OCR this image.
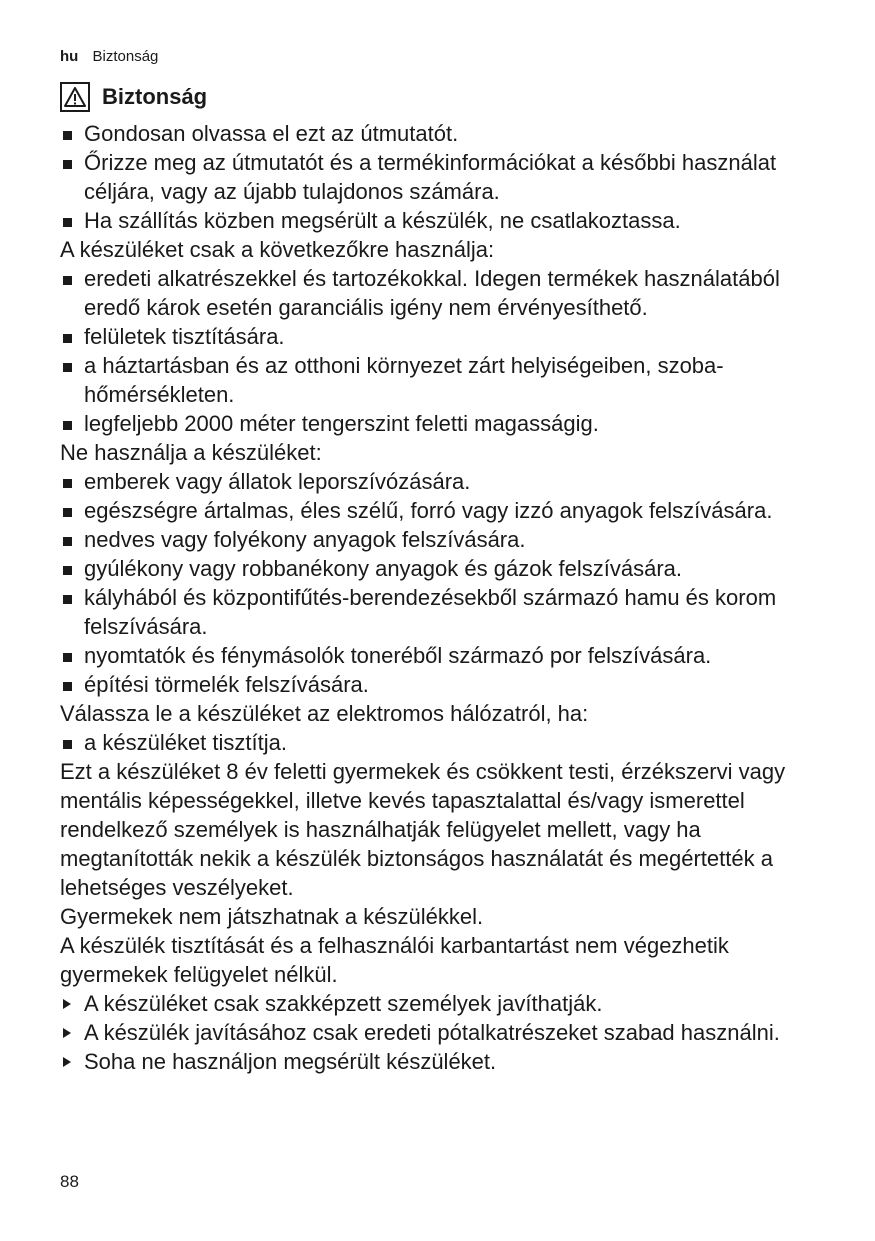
hu Biztonság
Biztonság
Gondosan olvassa el ezt az útmutatót.
Őrizze meg az útmutatót és a termékinformációkat a későbbi használat céljára, vagy az újabb tulajdonos számára.
Ha szállítás közben megsérült a készülék, ne csatlakoztassa.
A készüléket csak a következőkre használja:
eredeti alkatrészekkel és tartozékokkal. Idegen termékek használatából eredő károk esetén garanciális igény nem érvényesíthető.
felületek tisztítására.
a háztartásban és az otthoni környezet zárt helyiségeiben, szobahőmérsékleten.
legfeljebb 2000 méter tengerszint feletti magasságig.
Ne használja a készüléket:
emberek vagy állatok leporszívózására.
egészségre ártalmas, éles szélű, forró vagy izzó anyagok felszívására.
nedves vagy folyékony anyagok felszívására.
gyúlékony vagy robbanékony anyagok és gázok felszívására.
kályhából és központifűtés-berendezésekből származó hamu és korom felszívására.
nyomtatók és fénymásolók toneréből származó por felszívására.
építési törmelék felszívására.
Válassza le a készüléket az elektromos hálózatról, ha:
a készüléket tisztítja.
Ezt a készüléket 8 év feletti gyermekek és csökkent testi, érzékszervi vagy mentális képességekkel, illetve kevés tapasztalattal és/​vagy ismerettel rendelkező személyek is használhatják felügyelet mellett, vagy ha megtanították nekik a készülék biztonságos használatát és megértették a lehetséges veszélyeket.
Gyermekek nem játszhatnak a készülékkel.
A készülék tisztítását és a felhasználói karbantartást nem végezhetik gyermekek felügyelet nélkül.
A készüléket csak szakképzett személyek javíthatják.
A készülék javításához csak eredeti pótalkatrészeket szabad használni.
Soha ne használjon megsérült készüléket.
88
